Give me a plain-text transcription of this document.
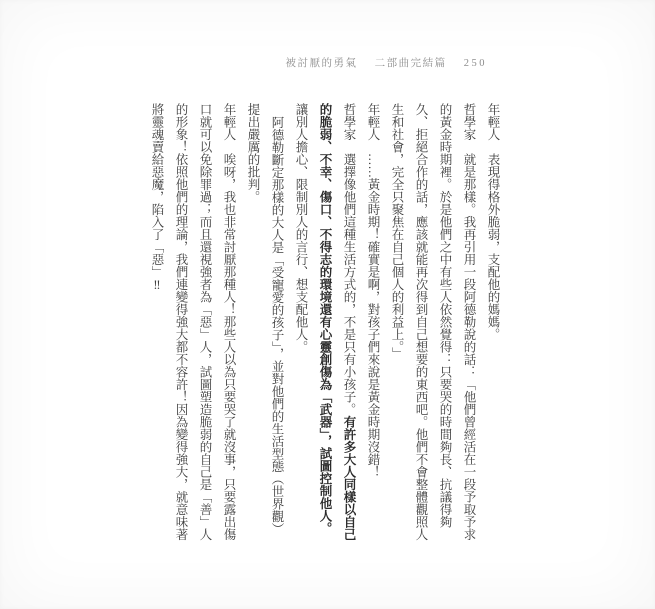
被討厭的勇氣 二部曲完結篇 250

年輕人表現得格外脆弱，支配他的媽媽。

哲學家就是那樣。我再引用一段阿德勒說的話：「他們曾經活在一段予取予求的黃金時期裡。於是他們之中有些人依然覺得：只要哭的時間夠長、抗議得夠久、拒絕合作的話，應該就能再次得到自己想要的東西吧。他們不會整體觀照人生和社會，完全只聚焦在自己個人的利益上。」

年輕人……黃金時期！確實是啊，對孩子們來說是黃金時期沒錯！

哲學家選擇像他們這種生活方式的，不是只有小孩子。有許多大人同樣以自己的脆弱、不幸、傷口、不得志的環境還有心靈創傷為「武器」，試圖控制他人。讓別人擔心、限制別人的言行、想支配他人。

阿德勒斷定那樣的大人是「受寵愛的孩子」，並對他們的生活型態（世界觀）提出嚴厲的批判。

年輕人唉呀，我也非常討厭那種人！那些人以為只要哭了就沒事，只要露出傷口就可以免除罪過；而且還視強者為「惡」人，試圖塑造脆弱的自己是「善」人的形象！依照他們的理論，我們連變得強大都不容許！因為變得強大，就意味著將靈魂賣給惡魔，陷入了「惡」‼
